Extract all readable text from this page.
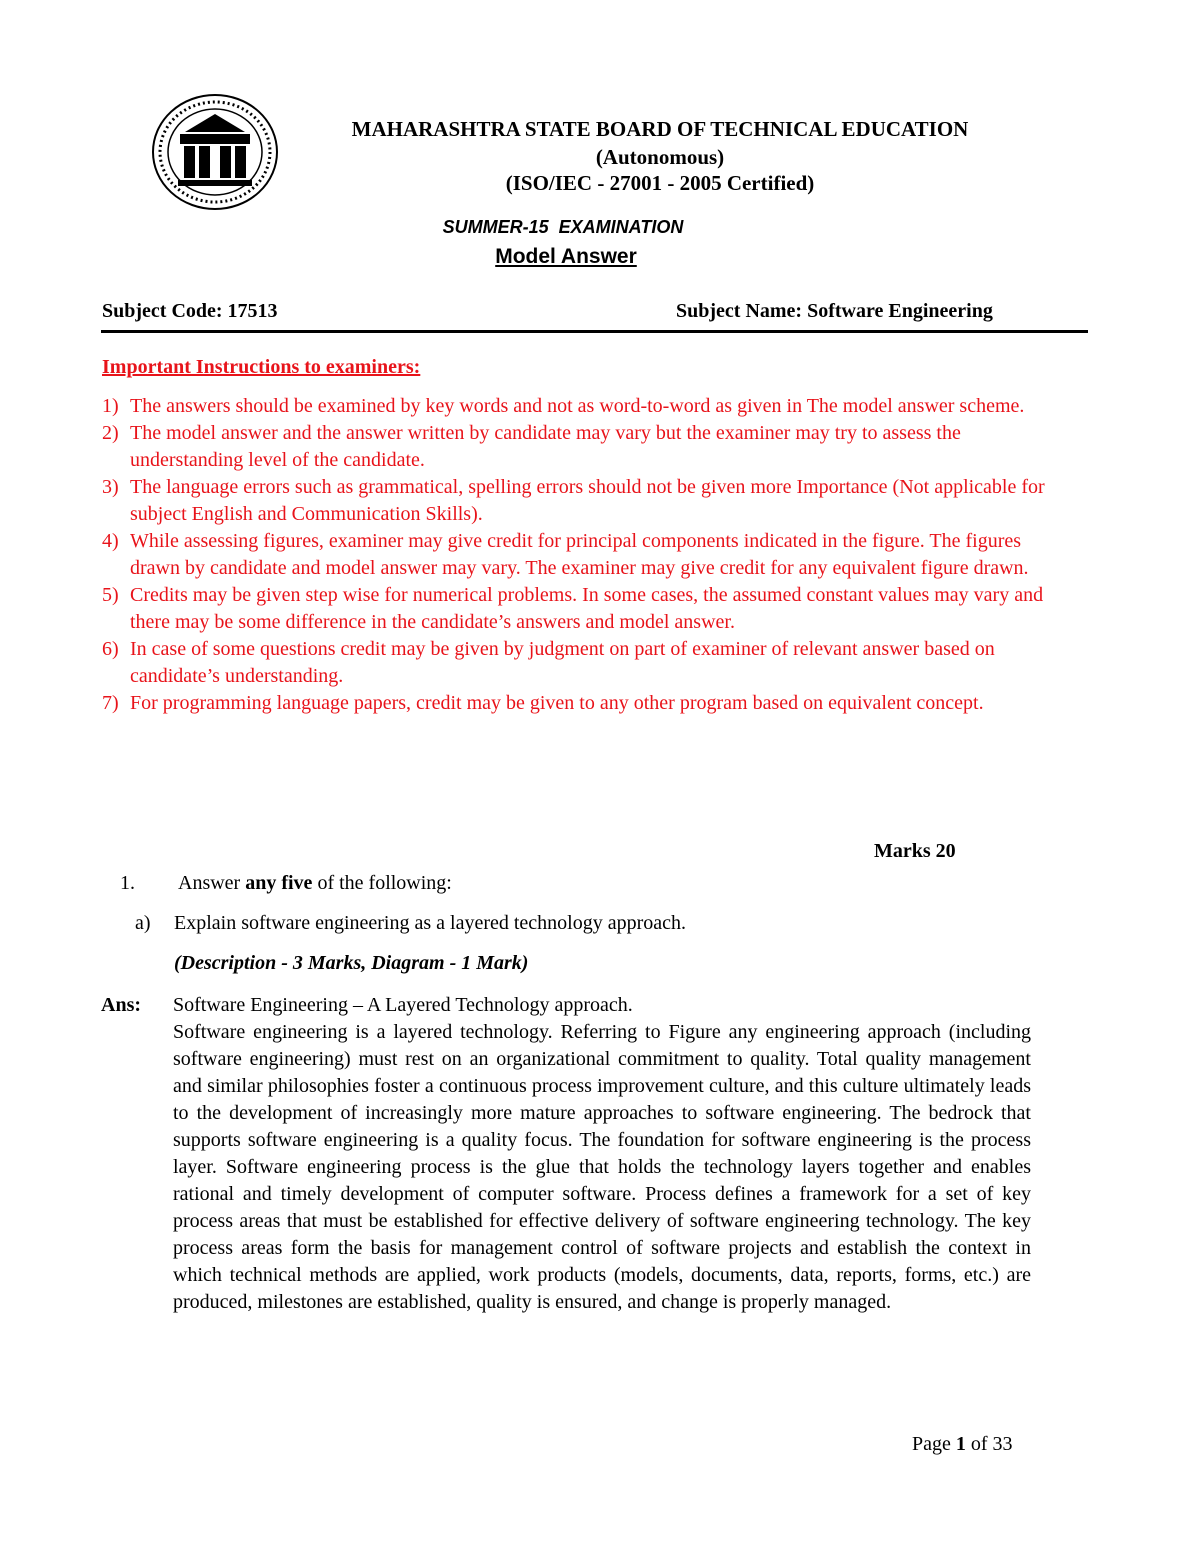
MAHARASHTRA STATE BOARD OF TECHNICAL EDUCATION
(Autonomous)
(ISO/IEC - 27001 - 2005 Certified)
SUMMER-15  EXAMINATION
Model Answer
Subject Code: 17513	Subject Name: Software Engineering
Important Instructions to examiners:
1) The answers should be examined by key words and not as word-to-word as given in The model answer scheme.
2) The model answer and the answer written by candidate may vary but the examiner may try to assess the understanding level of the candidate.
3) The language errors such as grammatical, spelling errors should not be given more Importance (Not applicable for subject English and Communication Skills).
4) While assessing figures, examiner may give credit for principal components indicated in the figure. The figures drawn by candidate and model answer may vary. The examiner may give credit for any equivalent figure drawn.
5) Credits may be given step wise for numerical problems. In some cases, the assumed constant values may vary and there may be some difference in the candidate’s answers and model answer.
6) In case of some questions credit may be given by judgment on part of examiner of relevant answer based on candidate’s understanding.
7) For programming language papers, credit may be given to any other program based on equivalent concept.
Marks 20
1. Answer any five of the following:
a) Explain software engineering as a layered technology approach.
(Description - 3 Marks, Diagram - 1 Mark)
Ans: Software Engineering – A Layered Technology approach.

Software engineering is a layered technology. Referring to Figure any engineering approach (including software engineering) must rest on an organizational commitment to quality. Total quality management and similar philosophies foster a continuous process improvement culture, and this culture ultimately leads to the development of increasingly more mature approaches to software engineering. The bedrock that supports software engineering is a quality focus. The foundation for software engineering is the process layer. Software engineering process is the glue that holds the technology layers together and enables rational and timely development of computer software. Process defines a framework for a set of key process areas that must be established for effective delivery of software engineering technology. The key process areas form the basis for management control of software projects and establish the context in which technical methods are applied, work products (models, documents, data, reports, forms, etc.) are produced, milestones are established, quality is ensured, and change is properly managed.

Page 1 of 33
